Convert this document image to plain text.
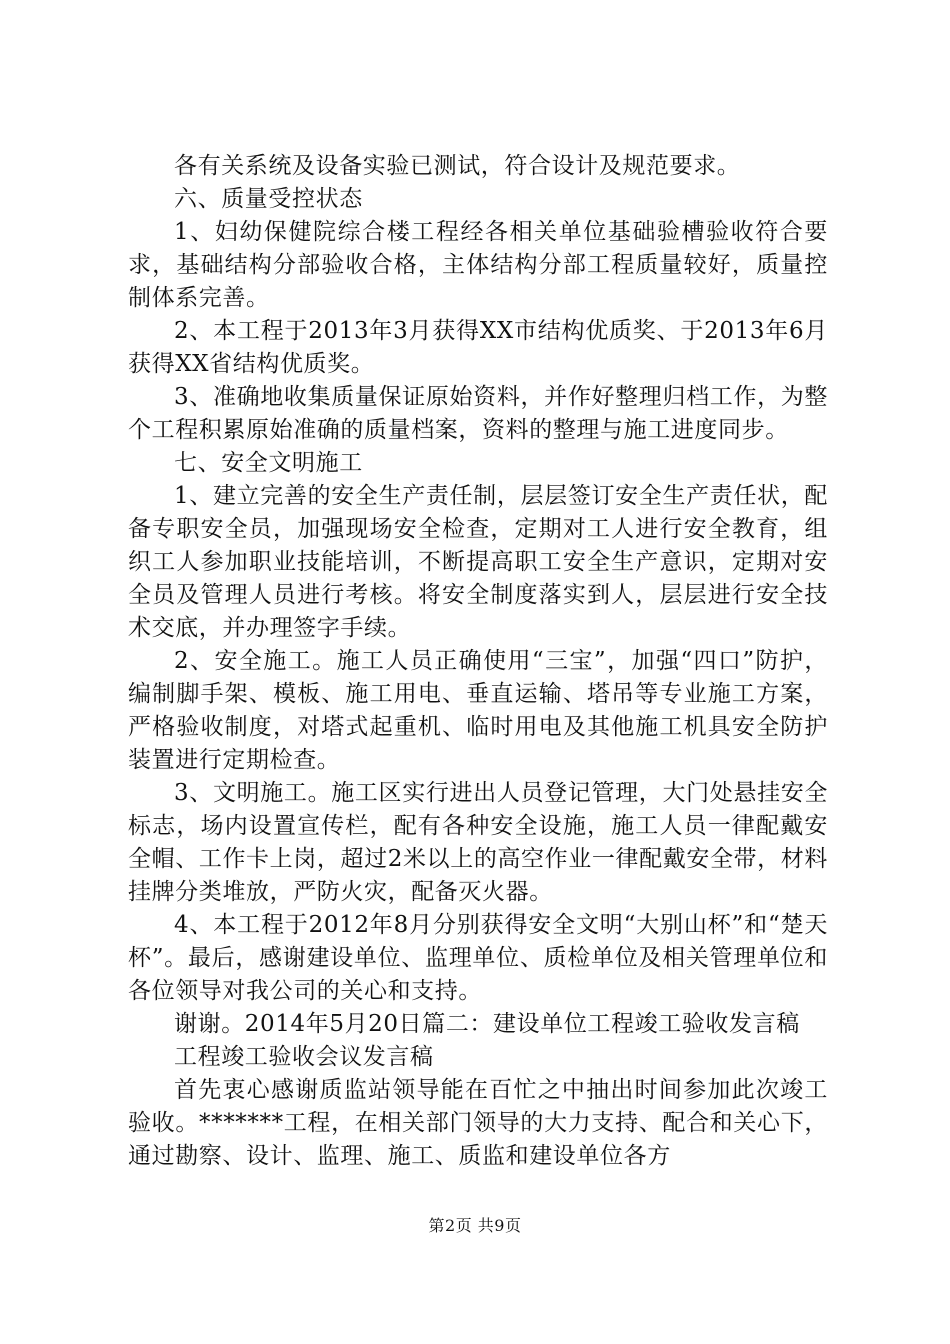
各有关系统及设备实验已测试，符合设计及规范要求。

六、质量受控状态

1、妇幼保健院综合楼工程经各相关单位基础验槽验收符合要求，基础结构分部验收合格，主体结构分部工程质量较好，质量控制体系完善。

2、本工程于2013年3月获得XX市结构优质奖、于2013年6月获得XX省结构优质奖。

3、准确地收集质量保证原始资料，并作好整理归档工作，为整个工程积累原始准确的质量档案，资料的整理与施工进度同步。

七、安全文明施工

1、建立完善的安全生产责任制，层层签订安全生产责任状，配备专职安全员，加强现场安全检查，定期对工人进行安全教育，组织工人参加职业技能培训，不断提高职工安全生产意识，定期对安全员及管理人员进行考核。将安全制度落实到人，层层进行安全技术交底，并办理签字手续。

2、安全施工。施工人员正确使用“三宝”，加强“四口”防护，编制脚手架、模板、施工用电、垂直运输、塔吊等专业施工方案，严格验收制度，对塔式起重机、临时用电及其他施工机具安全防护装置进行定期检查。

3、文明施工。施工区实行进出人员登记管理，大门处悬挂安全标志，场内设置宣传栏，配有各种安全设施，施工人员一律配戴安全帽、工作卡上岗，超过2米以上的高空作业一律配戴安全带，材料挂牌分类堆放，严防火灾，配备灭火器。

4、本工程于2012年8月分别获得安全文明“大别山杯”和“楚天杯”。最后，感谢建设单位、监理单位、质检单位及相关管理单位和各位领导对我公司的关心和支持。

谢谢。2014年5月20日篇二：建设单位工程竣工验收发言稿

工程竣工验收会议发言稿

首先衷心感谢质监站领导能在百忙之中抽出时间参加此次竣工验收。*******工程，在相关部门领导的大力支持、配合和关心下，通过勘察、设计、监理、施工、质监和建设单位各方

第2页 共9页
